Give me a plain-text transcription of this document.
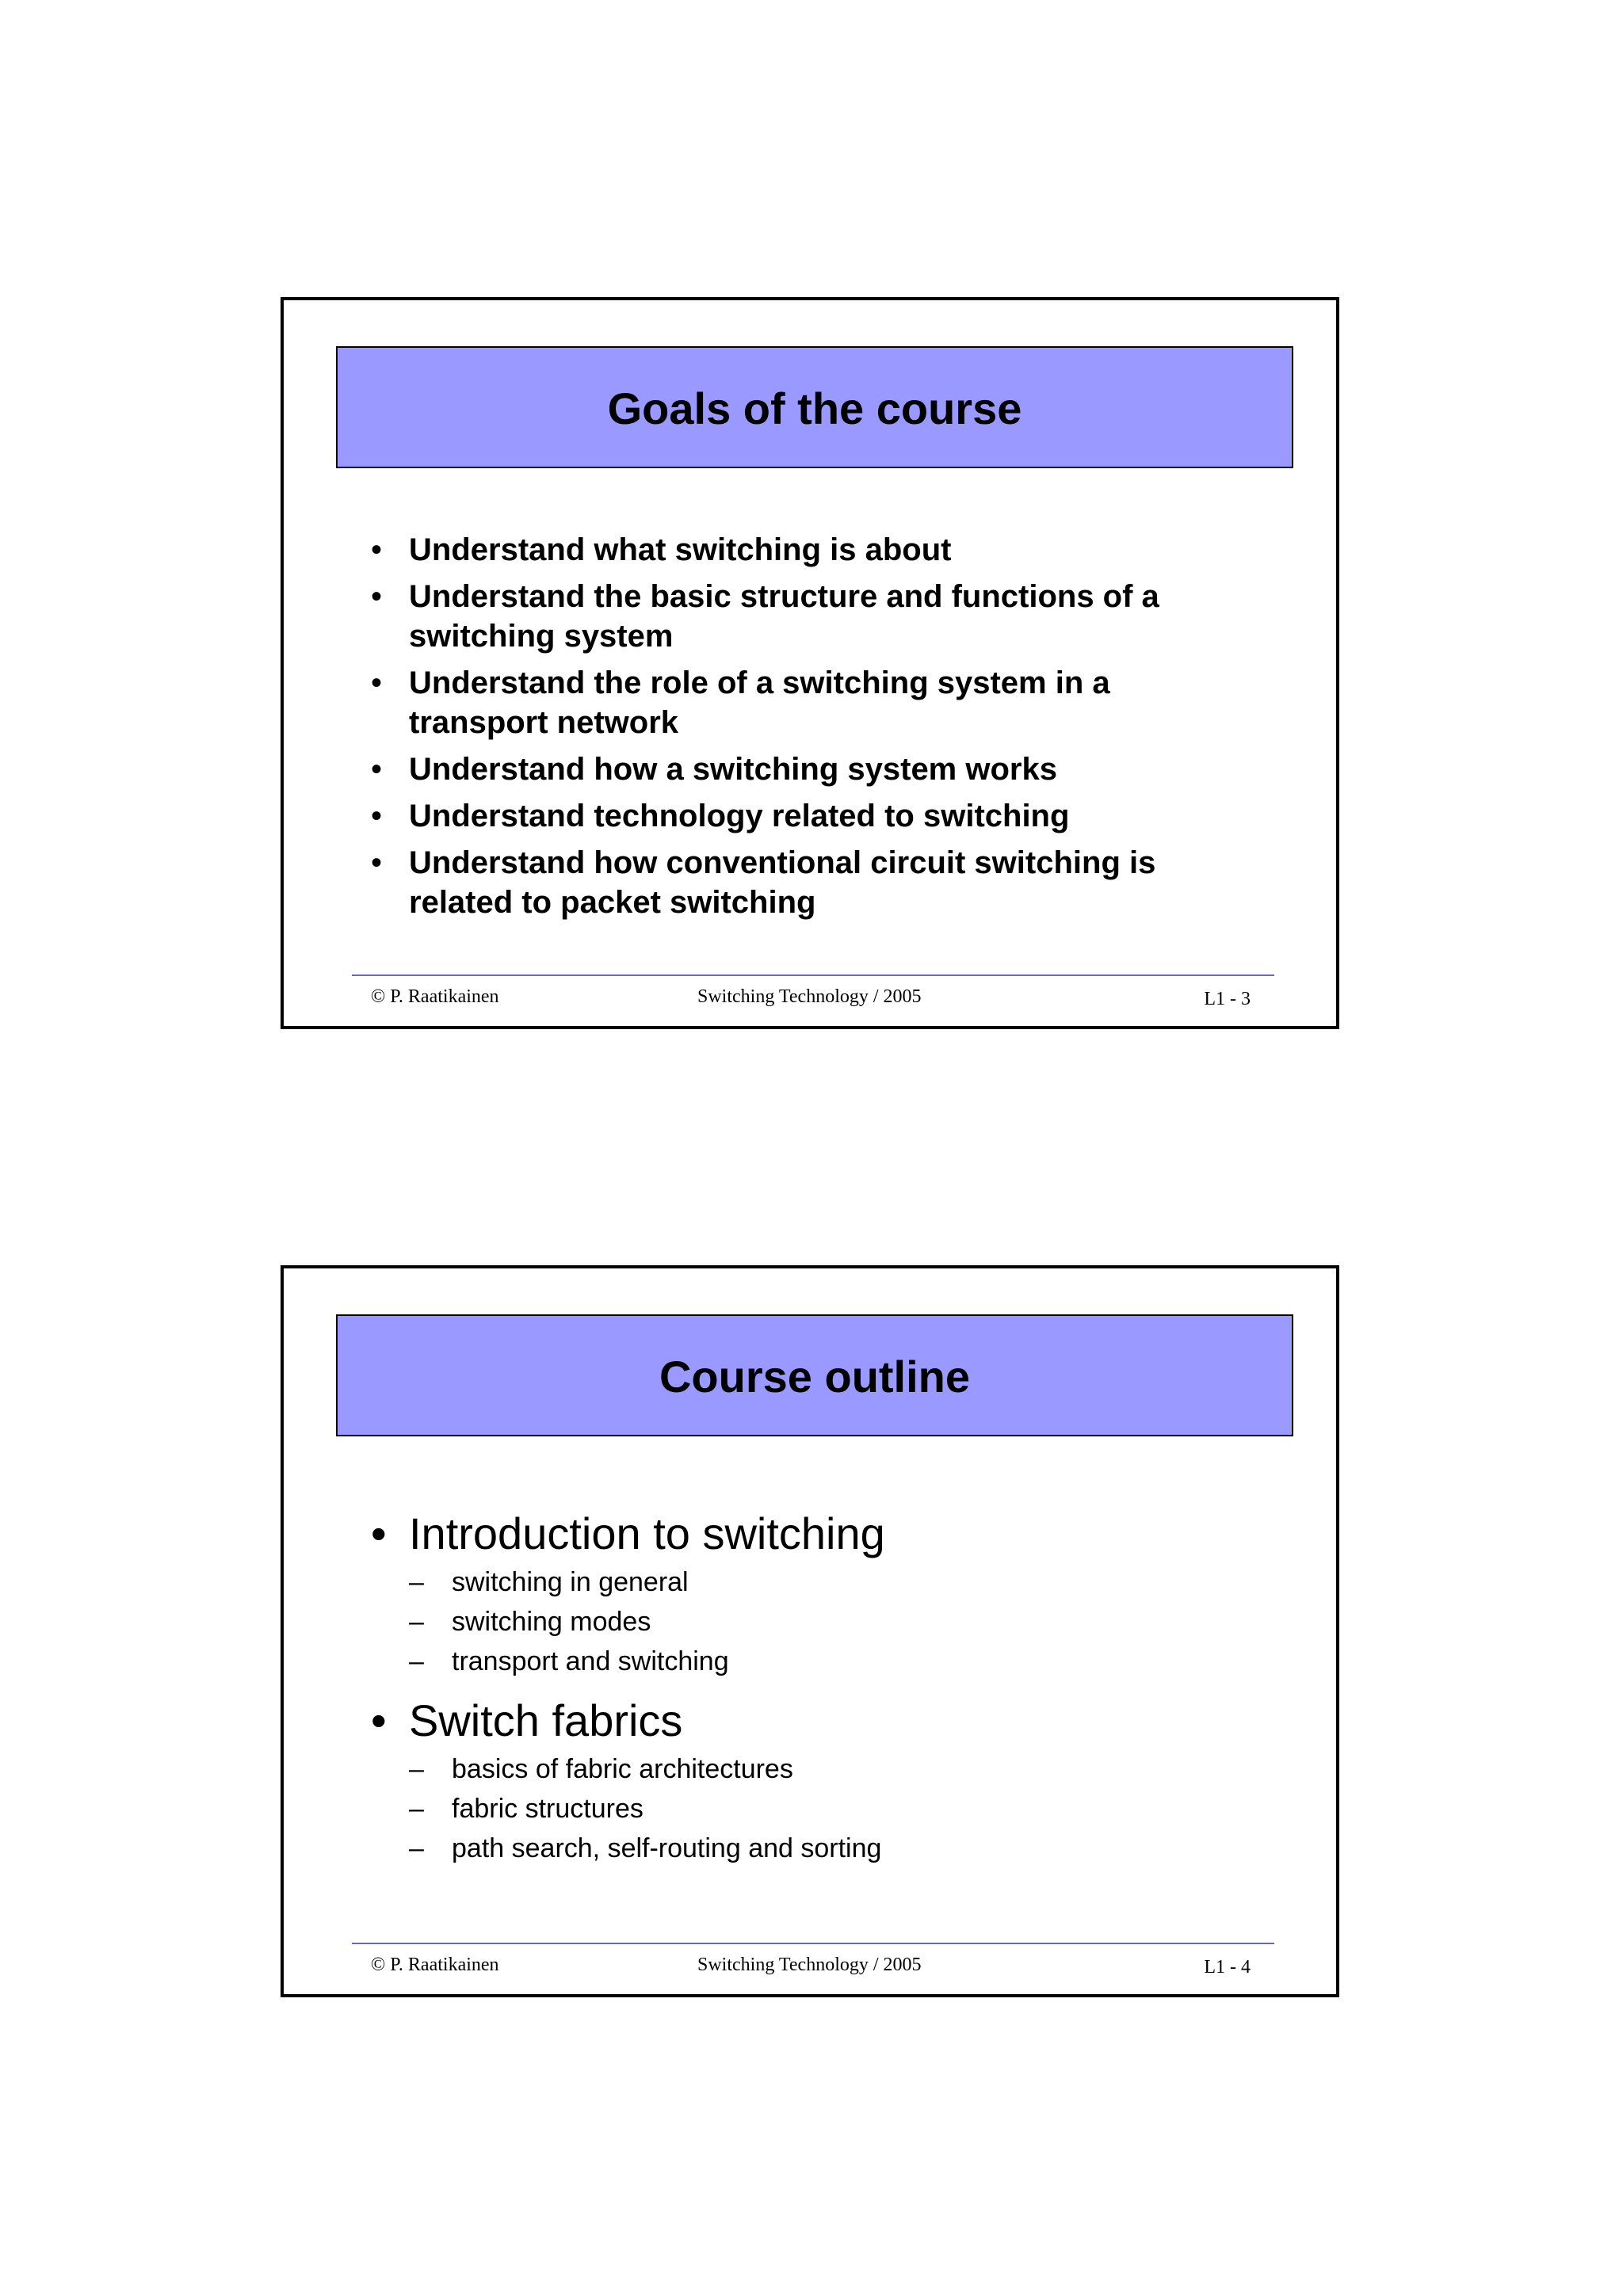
Goals of the course
• Understand what switching is about
• Understand the basic structure and functions of a switching system
• Understand the role of a switching system in a transport network
• Understand how a switching system works
• Understand technology related to switching
• Understand how conventional circuit switching is related to packet switching
© P. Raatikainen	Switching Technology / 2005	L1 - 3
Course outline
• Introduction to switching
– switching in general
– switching modes
– transport and switching
• Switch fabrics
– basics of fabric architectures
– fabric structures
– path search, self-routing and sorting
© P. Raatikainen	Switching Technology / 2005	L1 - 4
